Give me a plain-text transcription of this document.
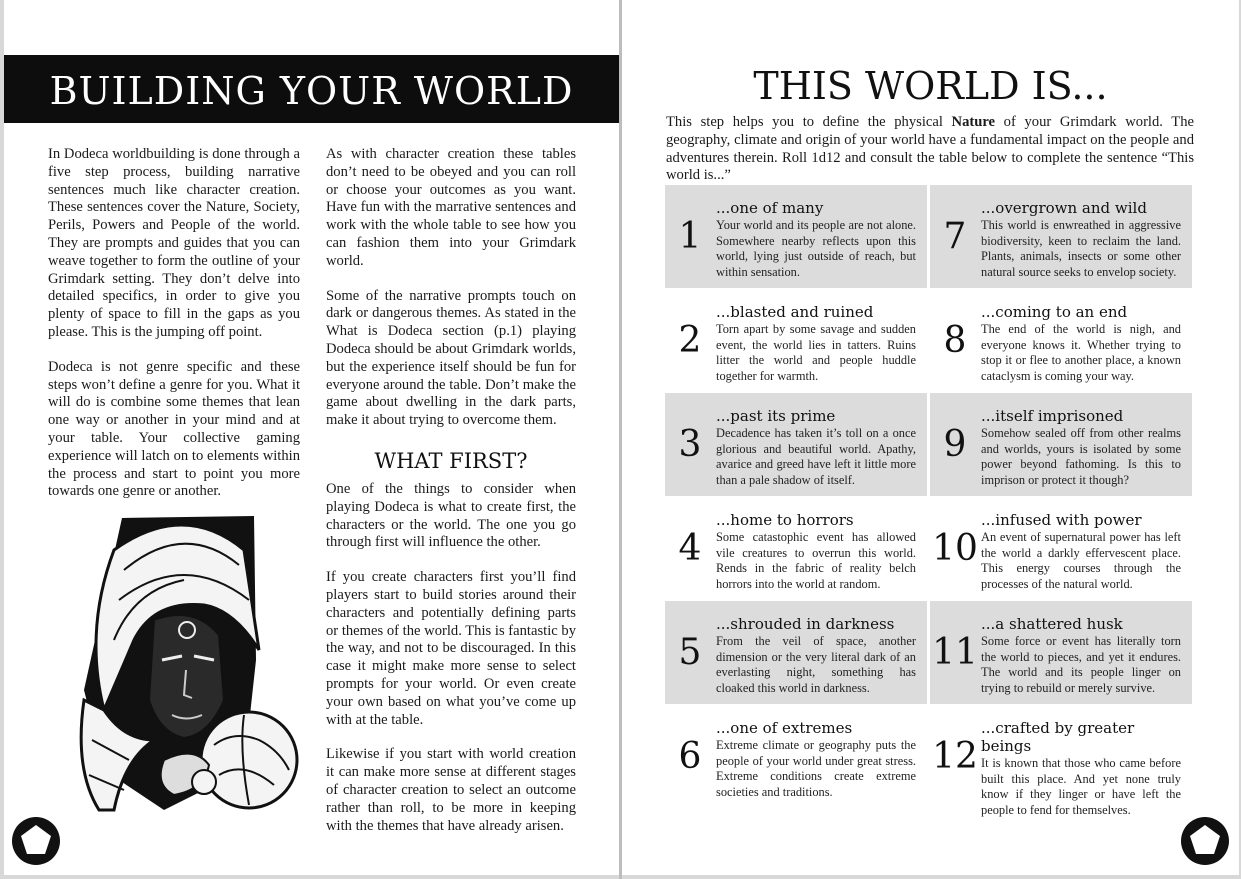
BUILDING YOUR WORLD

In Dodeca worldbuilding is done through a five step process, building narrative sentences much like character creation. These sentences cover the Nature, Society, Perils, Powers and People of the world. They are prompts and guides that you can weave together to form the outline of your Grimdark setting. They don’t delve into detailed specifics, in order to give you plenty of space to fill in the gaps as you please. This is the jumping off point.

Dodeca is not genre specific and these steps won’t define a genre for you. What it will do is combine some themes that lean one way or another in your mind and at your table. Your collective gaming experience will latch on to elements within the process and start to point you more towards one genre or another.

As with character creation these tables don’t need to be obeyed and you can roll or choose your outcomes as you want. Have fun with the marrative sentences and work with the whole table to see how you can fashion them into your Grimdark world.

Some of the narrative prompts touch on dark or dangerous themes. As stated in the What is Dodeca section (p.1) playing Dodeca should be about Grimdark worlds, but the experience itself should be fun for everyone around the table. Don’t make the game about dwelling in the dark parts, make it about trying to overcome them.

WHAT FIRST?

One of the things to consider when playing Dodeca is what to create first, the characters or the world. The one you go through first will influence the other.

If you create characters first you’ll find players start to build stories around their characters and potentially defining parts or themes of the world. This is fantastic by the way, and not to be discouraged. In this case it might make more sense to select prompts for your world. Or even create your own based on what you’ve come up with at the table.

Likewise if you start with world creation it can make more sense at different stages of character creation to select an outcome rather than roll, to be more in keeping with the themes that have already arisen.

THIS WORLD IS...
This step helps you to define the physical Nature of your Grimdark world. The geography, climate and origin of your world have a fundamental impact on the people and adventures therein. Roll 1d12 and consult the table below to complete the sentence “This world is...”
1
...one of many
Your world and its people are not alone. Somewhere nearby reflects upon this world, lying just outside of reach, but within sensation.
7
...overgrown and wild
This world is enwreathed in aggressive biodiversity, keen to reclaim the land. Plants, animals, insects or some other natural source seeks to envelop society.
2
...blasted and ruined
Torn apart by some savage and sudden event, the world lies in tatters. Ruins litter the world and people huddle together for warmth.
8
...coming to an end
The end of the world is nigh, and everyone knows it. Whether trying to stop it or flee to another place, a known cataclysm is coming your way.
3
...past its prime
Decadence has taken it’s toll on a once glorious and beautiful world. Apathy, avarice and greed have left it little more than a pale shadow of itself.
9
...itself imprisoned
Somehow sealed off from other realms and worlds, yours is isolated by some power beyond fathoming. Is this to imprison or protect it though?
4
...home to horrors
Some catastophic event has allowed vile creatures to overrun this world. Rends in the fabric of reality belch horrors into the world at random.
10
...infused with power
An event of supernatural power has left the world a darkly effervescent place. This energy courses through the processes of the natural world.
5
...shrouded in darkness
From the veil of space, another dimension or the very literal dark of an everlasting night, something has cloaked this world in darkness.
11
...a shattered husk
Some force or event has literally torn the world to pieces, and yet it endures. The world and its people linger on trying to rebuild or merely survive.
6
...one of extremes
Extreme climate or geography puts the people of your world under great stress. Extreme conditions create extreme societies and traditions.
12
...crafted by greater beings
It is known that those who came before built this place. And yet none truly know if they linger or have left the people to fend for themselves.
